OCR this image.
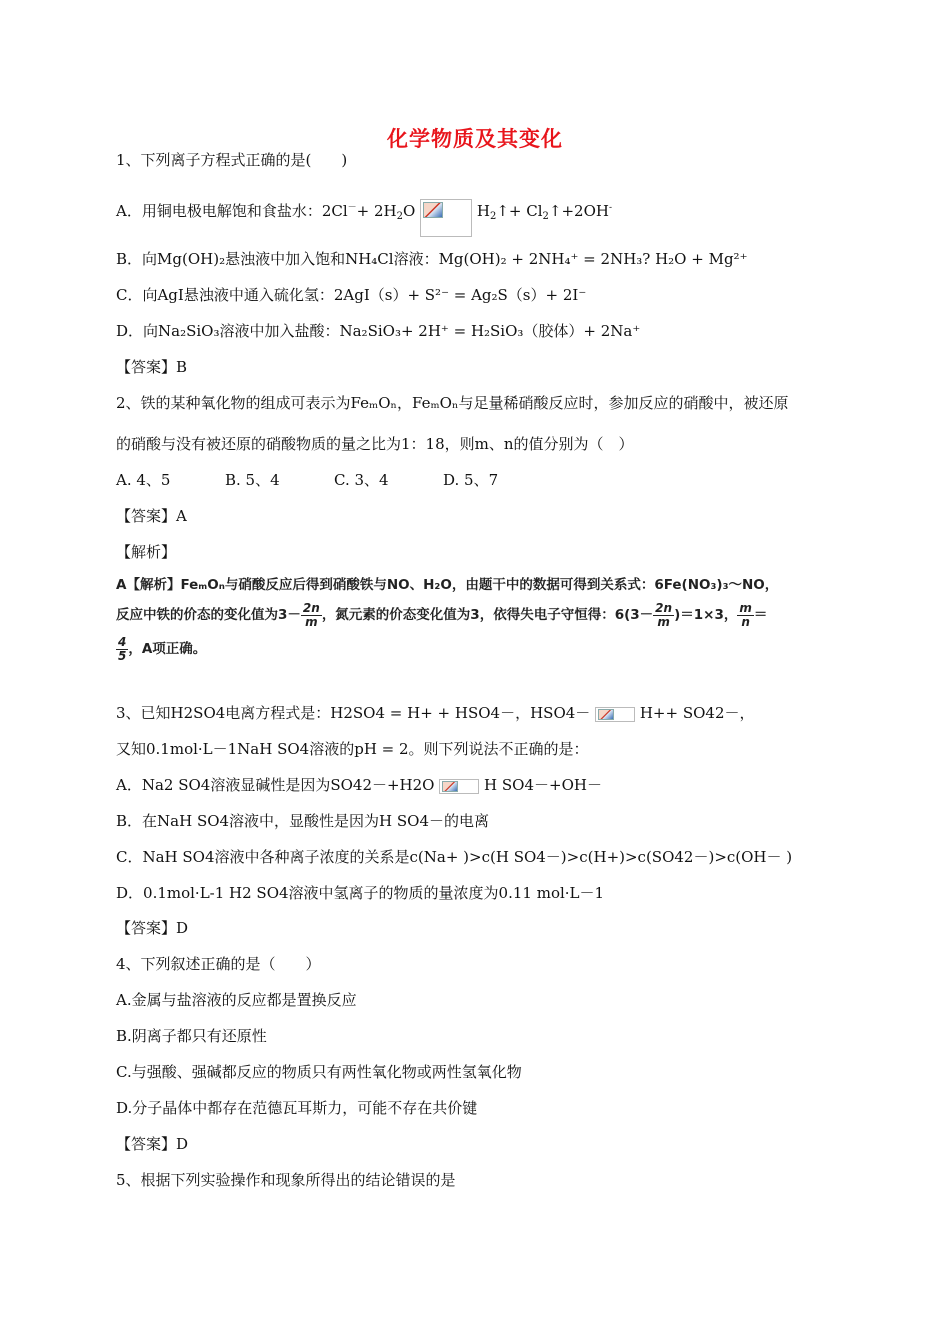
化学物质及其变化
1、下列离子方程式正确的是(　　)
A．用铜电极电解饱和食盐水：$2Cl^-+ 2H_2O$	$H_2↑+$ $Cl_2↑+2OH^-$
B．向Mg(OH)₂悬浊液中加入饱和NH₄Cl溶液：Mg(OH)₂ + 2NH₄⁺ = 2NH₃? H₂O + Mg²⁺
C．向AgI悬浊液中通入硫化氢：2AgI（s）+ S²⁻ = Ag₂S（s）+ 2I⁻
D．向Na₂SiO₃溶液中加入盐酸：Na₂SiO₃+ 2H⁺ = H₂SiO₃（胶体）+ 2Na⁺
【答案】B
2、铁的某种氧化物的组成可表示为FeₘOₙ，FeₘOₙ与足量稀硝酸反应时，参加反应的硝酸中，被还原
的硝酸与没有被还原的硝酸物质的量之比为1：18，则m、n的值分别为（　）
A. 4、5	B. 5、4	C. 3、4	D. 5、7
【答案】A
【解析】
A【解析】FeₘOₙ与硝酸反应后得到硝酸铁与NO、H₂O，由题干中的数据可得到关系式：6Fe(NO₃)₃～NO，
反应中铁的价态的变化值为$3- \frac{2n}{m}$ ，氮元素的价态变化值为3，依得失电子守恒得：$6(3- \frac{2n}{m} )=1\times 3$， $\frac{m}{n}$ ＝
$\frac{4}{5}$ ，A项正确。
3、已知H2SO4电离方程式是：H2SO4 = H+ + HSO4－，HSO4－	H++ SO42－，
又知0.1mol·L－1NaH SO4溶液的pH = 2。则下列说法不正确的是：
A．Na2 SO4溶液显碱性是因为SO42－+H2O	H SO4－+OH－
B．在NaH SO4溶液中，显酸性是因为H SO4－的电离
C．NaH SO4溶液中各种离子浓度的关系是c(Na+ )>c(H SO4－)>c(H+)>c(SO42－)>c(OH－ )
D．0.1mol·L-1 H2 SO4溶液中氢离子的物质的量浓度为0.11 mol·L－1
【答案】D
4、下列叙述正确的是（　　）
A.金属与盐溶液的反应都是置换反应
B.阴离子都只有还原性
C.与强酸、强碱都反应的物质只有两性氧化物或两性氢氧化物
D.分子晶体中都存在范德瓦耳斯力，可能不存在共价键
【答案】D
5、根据下列实验操作和现象所得出的结论错误的是
